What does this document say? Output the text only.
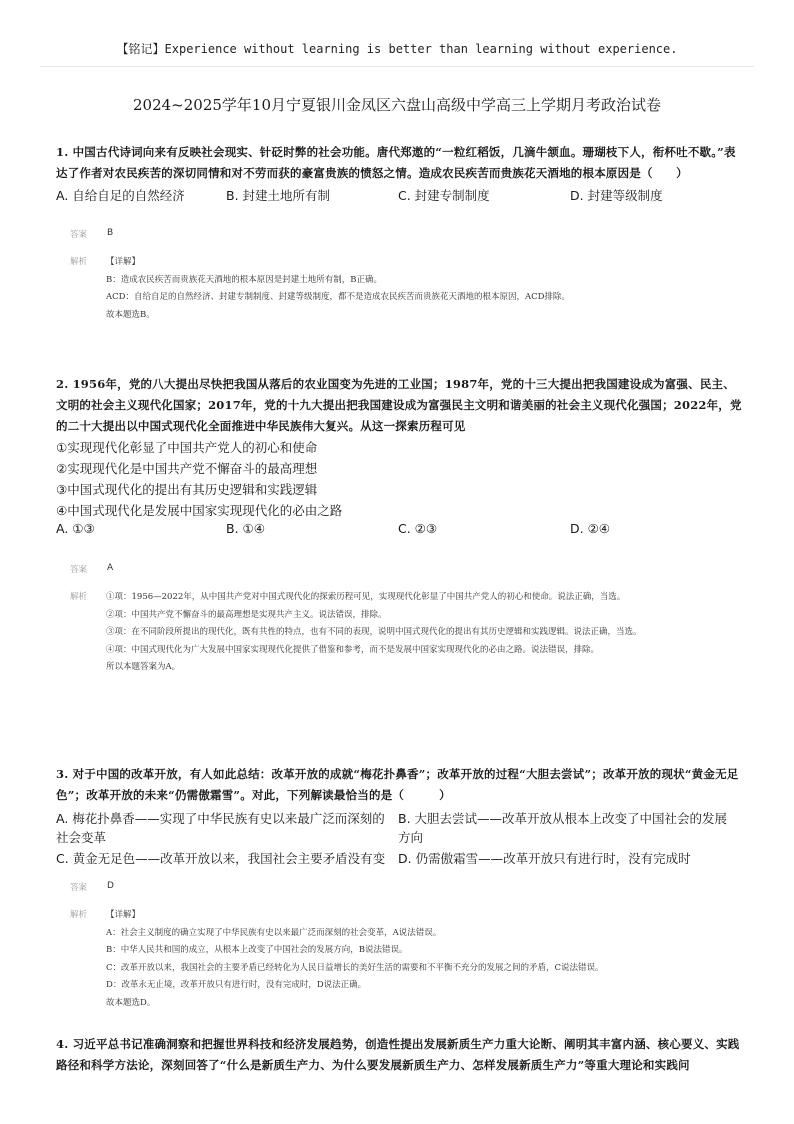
【铭记】Experience without learning is better than learning without experience.
2024~2025学年10月宁夏银川金凤区六盘山高级中学高三上学期月考政治试卷
1. 中国古代诗词向来有反映社会现实、针砭时弊的社会功能。唐代郑遨的“一粒红稻饭，几滴牛颔血。珊瑚枝下人，衔杯吐不歇。”表达了作者对农民疾苦的深切同情和对不劳而获的豪富贵族的愤怒之情。造成农民疾苦而贵族花天酒地的根本原因是（　　）
A. 自给自足的自然经济	B. 封建土地所有制	C. 封建专制制度	D. 封建等级制度
答案 B
解析 【详解】
B：造成农民疾苦而贵族花天酒地的根本原因是封建土地所有制，B正确。
ACD：自给自足的自然经济、封建专制制度、封建等级制度，都不是造成农民疾苦而贵族花天酒地的根本原因，ACD排除。
故本题选B。
2. 1956年，党的八大提出尽快把我国从落后的农业国变为先进的工业国；1987年，党的十三大提出把我国建设成为富强、民主、文明的社会主义现代化国家；2017年，党的十九大提出把我国建设成为富强民主文明和谐美丽的社会主义现代化强国；2022年，党的二十大提出以中国式现代化全面推进中华民族伟大复兴。从这一探索历程可见
①实现现代化彰显了中国共产党人的初心和使命
②实现现代化是中国共产党不懈奋斗的最高理想
③中国式现代化的提出有其历史逻辑和实践逻辑
④中国式现代化是发展中国家实现现代化的必由之路
A. ①③	B. ①④	C. ②③	D. ②④
答案 A
解析 ①项：1956—2022年，从中国共产党对中国式现代化的探索历程可见，实现现代化彰显了中国共产党人的初心和使命。说法正确，当选。
②项：中国共产党不懈奋斗的最高理想是实现共产主义。说法错误，排除。
③项：在不同阶段所提出的现代化，既有共性的特点，也有不同的表现，说明中国式现代化的提出有其历史逻辑和实践逻辑。说法正确，当选。
④项：中国式现代化为广大发展中国家实现现代化提供了借鉴和参考，而不是发展中国家实现现代化的必由之路。说法错误，排除。
所以本题答案为A。
3. 对于中国的改革开放，有人如此总结：改革开放的成就“梅花扑鼻香”；改革开放的过程“大胆去尝试”；改革开放的现状“黄金无足色”；改革开放的未来“仍需傲霜雪”。对此，下列解读最恰当的是（　　　）
A. 梅花扑鼻香——实现了中华民族有史以来最广泛而深刻的社会变革
B. 大胆去尝试——改革开放从根本上改变了中国社会的发展方向
C. 黄金无足色——改革开放以来，我国社会主要矛盾没有变 D. 仍需傲霜雪——改革开放只有进行时，没有完成时
答案 D
解析 【详解】
A：社会主义制度的确立实现了中华民族有史以来最广泛而深刻的社会变革，A说法错误。
B：中华人民共和国的成立，从根本上改变了中国社会的发展方向，B说法错误。
C：改革开放以来，我国社会的主要矛盾已经转化为人民日益增长的美好生活的需要和不平衡不充分的发展之间的矛盾，C说法错误。
D：改革永无止境，改革开放只有进行时，没有完成时，D说法正确。
故本题选D。
4. 习近平总书记准确洞察和把握世界科技和经济发展趋势，创造性提出发展新质生产力重大论断、阐明其丰富内涵、核心要义、实践路径和科学方法论，深刻回答了“什么是新质生产力、为什么要发展新质生产力、怎样发展新质生产力”等重大理论和实践问
